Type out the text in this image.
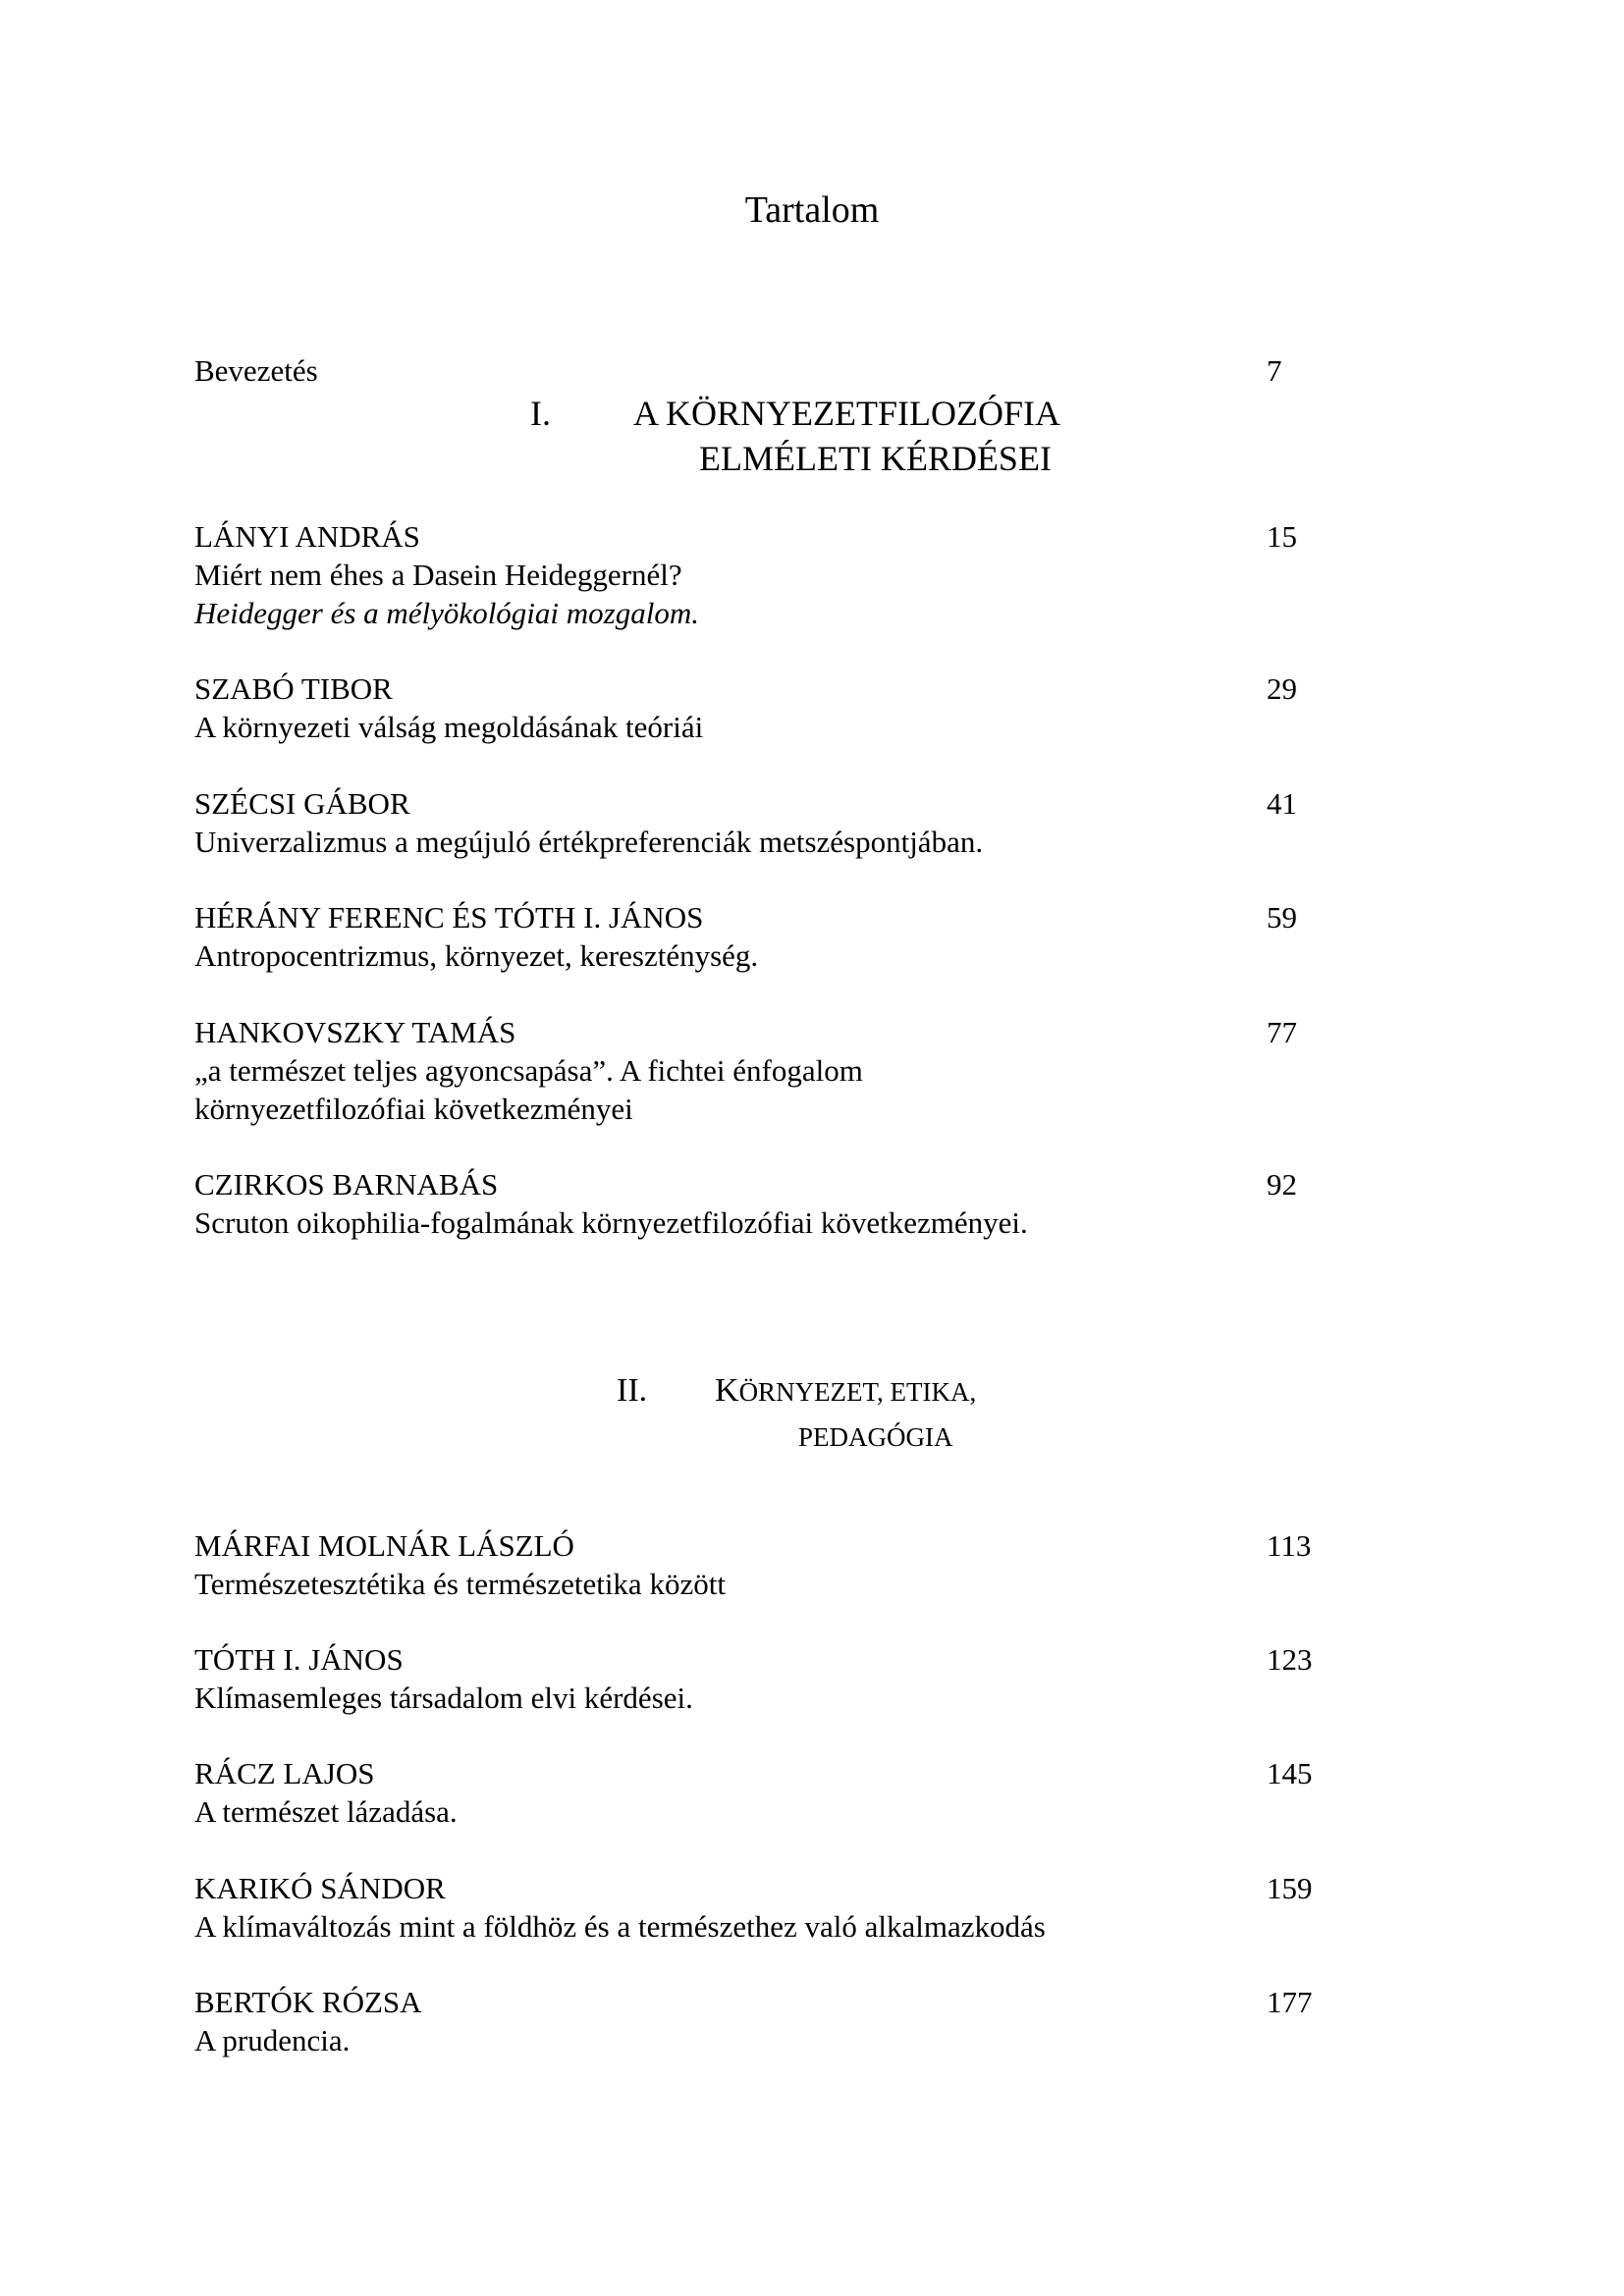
Tartalom
Bevezetés	7
I. A KÖRNYEZETFILOZÓFIA
ELMÉLETI KÉRDÉSEI
LÁNYI ANDRÁS	15
Miért nem éhes a Dasein Heideggernél?
Heidegger és a mélyökológiai mozgalom.
SZABÓ TIBOR	29
A környezeti válság megoldásának teóriái
SZÉCSI GÁBOR	41
Univerzalizmus a megújuló értékpreferenciák metszéspontjában.
HÉRÁNY FERENC ÉS TÓTH I. JÁNOS	59
Antropocentrizmus, környezet, kereszténység.
HANKOVSZKY TAMÁS	77
„a természet teljes agyoncsapása”. A fichtei énfogalom
környezetfilozófiai következményei
CZIRKOS BARNABÁS	92
Scruton oikophilia-fogalmának környezetfilozófiai következményei.
II. KÖRNYEZET, ETIKA,
PEDAGÓGIA
MÁRFAI MOLNÁR LÁSZLÓ	113
Természetesztétika és természetetika között
TÓTH I. JÁNOS	123
Klímasemleges társadalom elvi kérdései.
RÁCZ LAJOS	145
A természet lázadása.
KARIKÓ SÁNDOR	159
A klímaváltozás mint a földhöz és a természethez való alkalmazkodás
BERTÓK RÓZSA	177
A prudencia.
